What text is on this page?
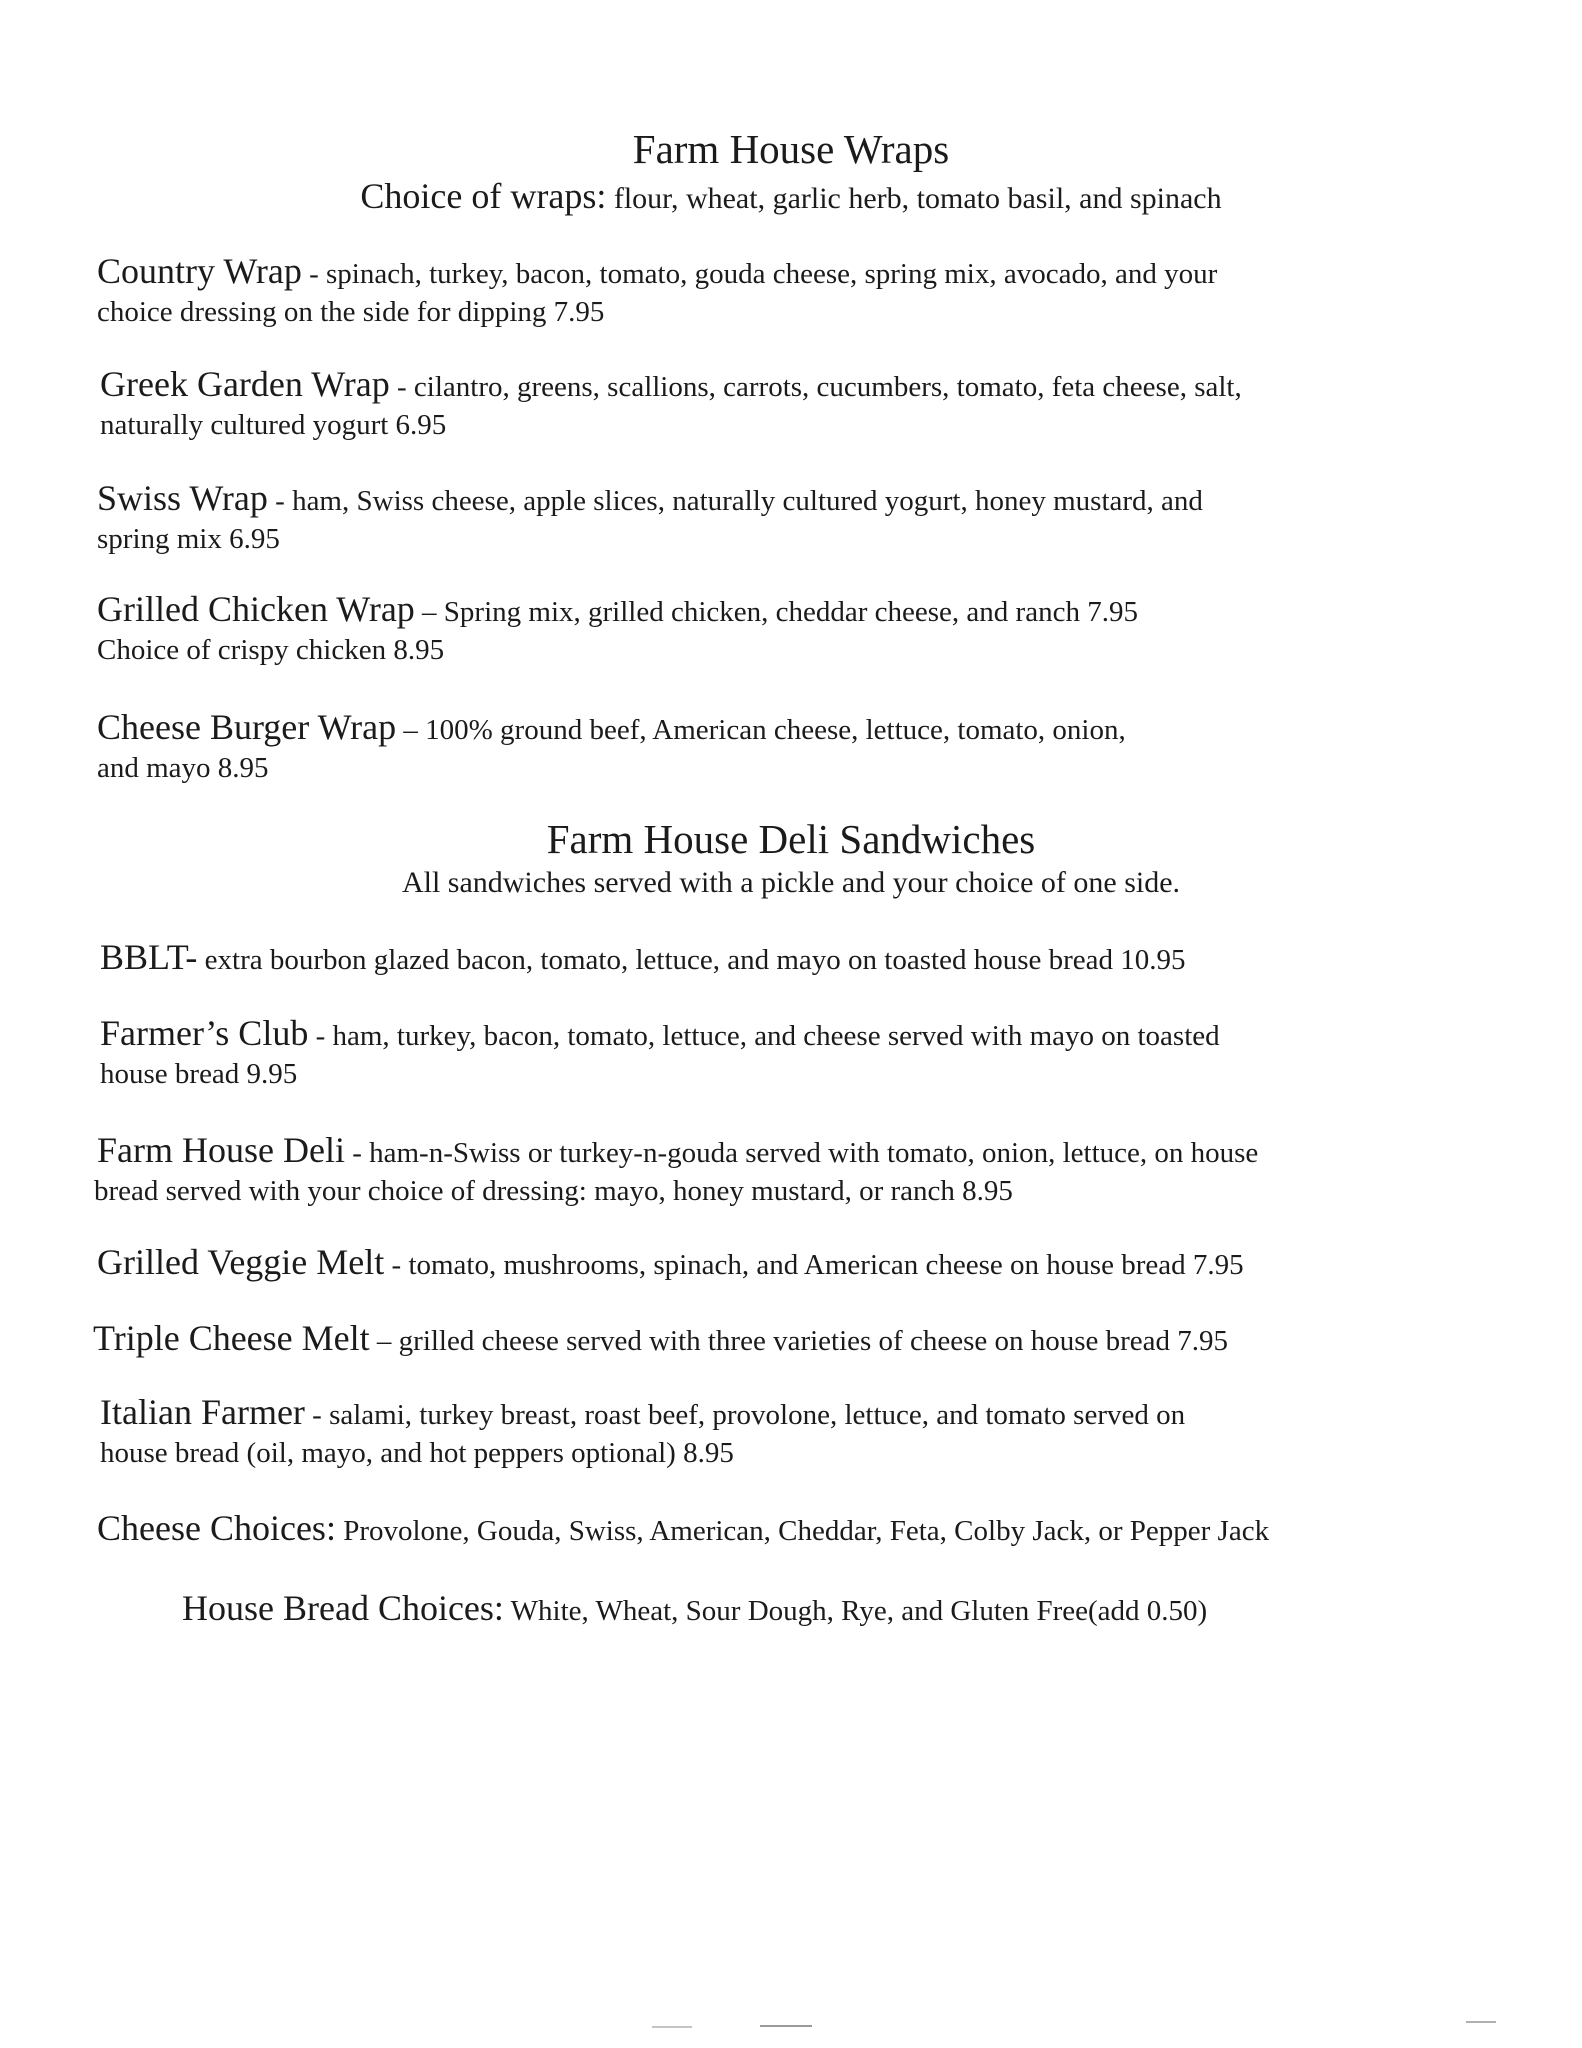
Farm House Wraps
Choice of wraps: flour, wheat, garlic herb, tomato basil, and spinach
Country Wrap - spinach, turkey, bacon, tomato, gouda cheese, spring mix, avocado, and your
choice dressing on the side for dipping 7.95
Greek Garden Wrap - cilantro, greens, scallions, carrots, cucumbers, tomato, feta cheese, salt,
naturally cultured yogurt 6.95
Swiss Wrap - ham, Swiss cheese, apple slices, naturally cultured yogurt, honey mustard, and
spring mix 6.95
Grilled Chicken Wrap – Spring mix, grilled chicken, cheddar cheese, and ranch 7.95
Choice of crispy chicken 8.95
Cheese Burger Wrap – 100% ground beef, American cheese, lettuce, tomato, onion,
and mayo 8.95
Farm House Deli Sandwiches
All sandwiches served with a pickle and your choice of one side.
BBLT- extra bourbon glazed bacon, tomato, lettuce, and mayo on toasted house bread 10.95
Farmer’s Club - ham, turkey, bacon, tomato, lettuce, and cheese served with mayo on toasted
house bread 9.95
Farm House Deli - ham-n-Swiss or turkey-n-gouda served with tomato, onion, lettuce, on house
bread served with your choice of dressing: mayo, honey mustard, or ranch 8.95
Grilled Veggie Melt - tomato, mushrooms, spinach, and American cheese on house bread 7.95
Triple Cheese Melt – grilled cheese served with three varieties of cheese on house bread 7.95
Italian Farmer - salami, turkey breast, roast beef, provolone, lettuce, and tomato served on
house bread (oil, mayo, and hot peppers optional) 8.95
Cheese Choices: Provolone, Gouda, Swiss, American, Cheddar, Feta, Colby Jack, or Pepper Jack
House Bread Choices: White, Wheat, Sour Dough, Rye, and Gluten Free(add 0.50)
